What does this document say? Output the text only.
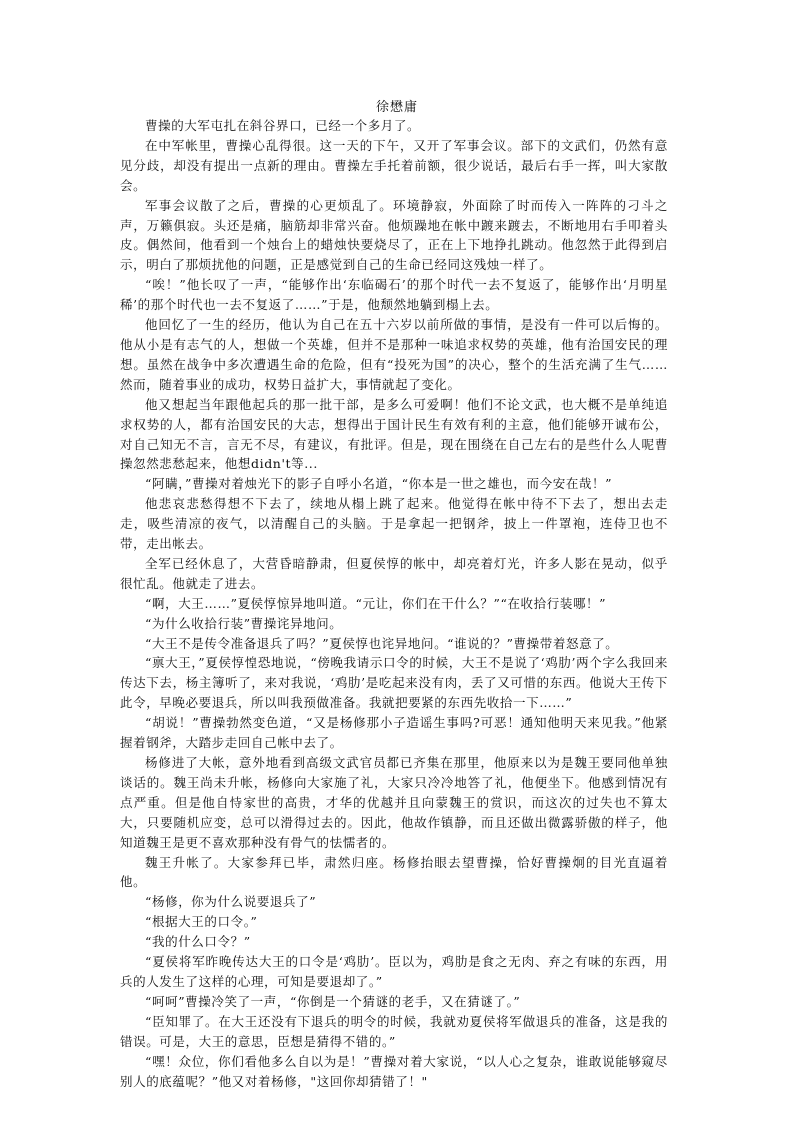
徐懋庸

曹操的大军屯扎在斜谷界口，已经一个多月了。

在中军帐里，曹操心乱得很。这一天的下午，又开了军事会议。部下的文武们，仍然有意见分歧，却没有提出一点新的理由。曹操左手托着前额，很少说话，最后右手一挥，叫大家散会。

军事会议散了之后，曹操的心更烦乱了。环境静寂，外面除了时而传入一阵阵的刁斗之声，万籁俱寂。头还是痛，脑筋却非常兴奋。他烦躁地在帐中踱来踱去，不断地用右手叩着头皮。偶然间，他看到一个烛台上的蜡烛快要烧尽了，正在上下地挣扎跳动。他忽然于此得到启示，明白了那烦扰他的问题，正是感觉到自己的生命已经同这残烛一样了。

“唉！”他长叹了一声，“能够作出‘东临碣石’的那个时代一去不复返了，能够作出‘月明星稀’的那个时代也一去不复返了……”于是，他颓然地躺到榻上去。

他回忆了一生的经历，他认为自己在五十六岁以前所做的事情，是没有一件可以后悔的。他从小是有志气的人，想做一个英雄，但并不是那种一味追求权势的英雄，他有治国安民的理想。虽然在战争中多次遭遇生命的危险，但有“投死为国”的决心，整个的生活充满了生气……然而，随着事业的成功，权势日益扩大，事情就起了变化。

他又想起当年跟他起兵的那一批干部，是多么可爱啊！他们不论文武，也大概不是单纯追求权势的人，都有治国安民的大志，想得出于国计民生有效有利的主意，他们能够开诚布公，对自己知无不言，言无不尽，有建议，有批评。但是，现在围绕在自己左右的是些什么人呢曹操忽然悲愁起来，他想didn't等...

“阿瞒，”曹操对着烛光下的影子自呼小名道，“你本是一世之雄也，而今安在哉！”

他悲哀悲愁得想不下去了，续地从榻上跳了起来。他觉得在帐中待不下去了，想出去走走，吸些清凉的夜气，以清醒自己的头脑。于是拿起一把钢斧，披上一件罩袍，连侍卫也不带，走出帐去。

全军已经休息了，大营昏暗静肃，但夏侯惇的帐中，却亮着灯光，许多人影在晃动，似乎很忙乱。他就走了进去。

“啊，大王……”夏侯惇惊异地叫道。“元让，你们在干什么？”“在收拾行装哪！”

“为什么收拾行装”曹操诧异地问。

“大王不是传令准备退兵了吗？”夏侯惇也诧异地问。“谁说的？”曹操带着怒意了。

“禀大王，”夏侯惇惶恐地说，“傍晚我请示口令的时候，大王不是说了‘鸡肋’两个字么我回来传达下去，杨主簿听了，来对我说，‘鸡肋’是吃起来没有肉，丢了又可惜的东西。他说大王传下此令，早晚必要退兵，所以叫我预做准备。我就把要紧的东西先收拾一下……”

“胡说！”曹操勃然变色道，“又是杨修那小子造谣生事吗?可恶！通知他明天来见我。”他紧握着钢斧，大踏步走回自己帐中去了。

杨修进了大帐，意外地看到高级文武官员都已齐集在那里，他原来以为是魏王要同他单独谈话的。魏王尚未升帐，杨修向大家施了礼，大家只冷冷地答了礼，他便坐下。他感到情况有点严重。但是他自恃家世的高贵，才华的优越并且向蒙魏王的赏识，而这次的过失也不算太大，只要随机应变，总可以滑得过去的。因此，他故作镇静，而且还做出微露骄傲的样子，他知道魏王是更不喜欢那种没有骨气的怯懦者的。

魏王升帐了。大家参拜已毕，肃然归座。杨修抬眼去望曹操，恰好曹操炯的目光直逼着他。

“杨修，你为什么说要退兵了”

“根据大王的口令。”

“我的什么口令？”

“夏侯将军昨晚传达大王的口令是‘鸡肋’。臣以为，鸡肋是食之无肉、弃之有味的东西，用兵的人发生了这样的心理，可知是要退却了。”

“呵呵”曹操冷笑了一声，“你倒是一个猜谜的老手，又在猜谜了。”

“臣知罪了。在大王还没有下退兵的明令的时候，我就劝夏侯将军做退兵的准备，这是我的错误。可是，大王的意思，臣想是猜得不错的。”

“嘿！众位，你们看他多么自以为是！”曹操对着大家说，“以人心之复杂，谁敢说能够窥尽别人的底蕴呢？”他又对着杨修，"这回你却猜错了！"
